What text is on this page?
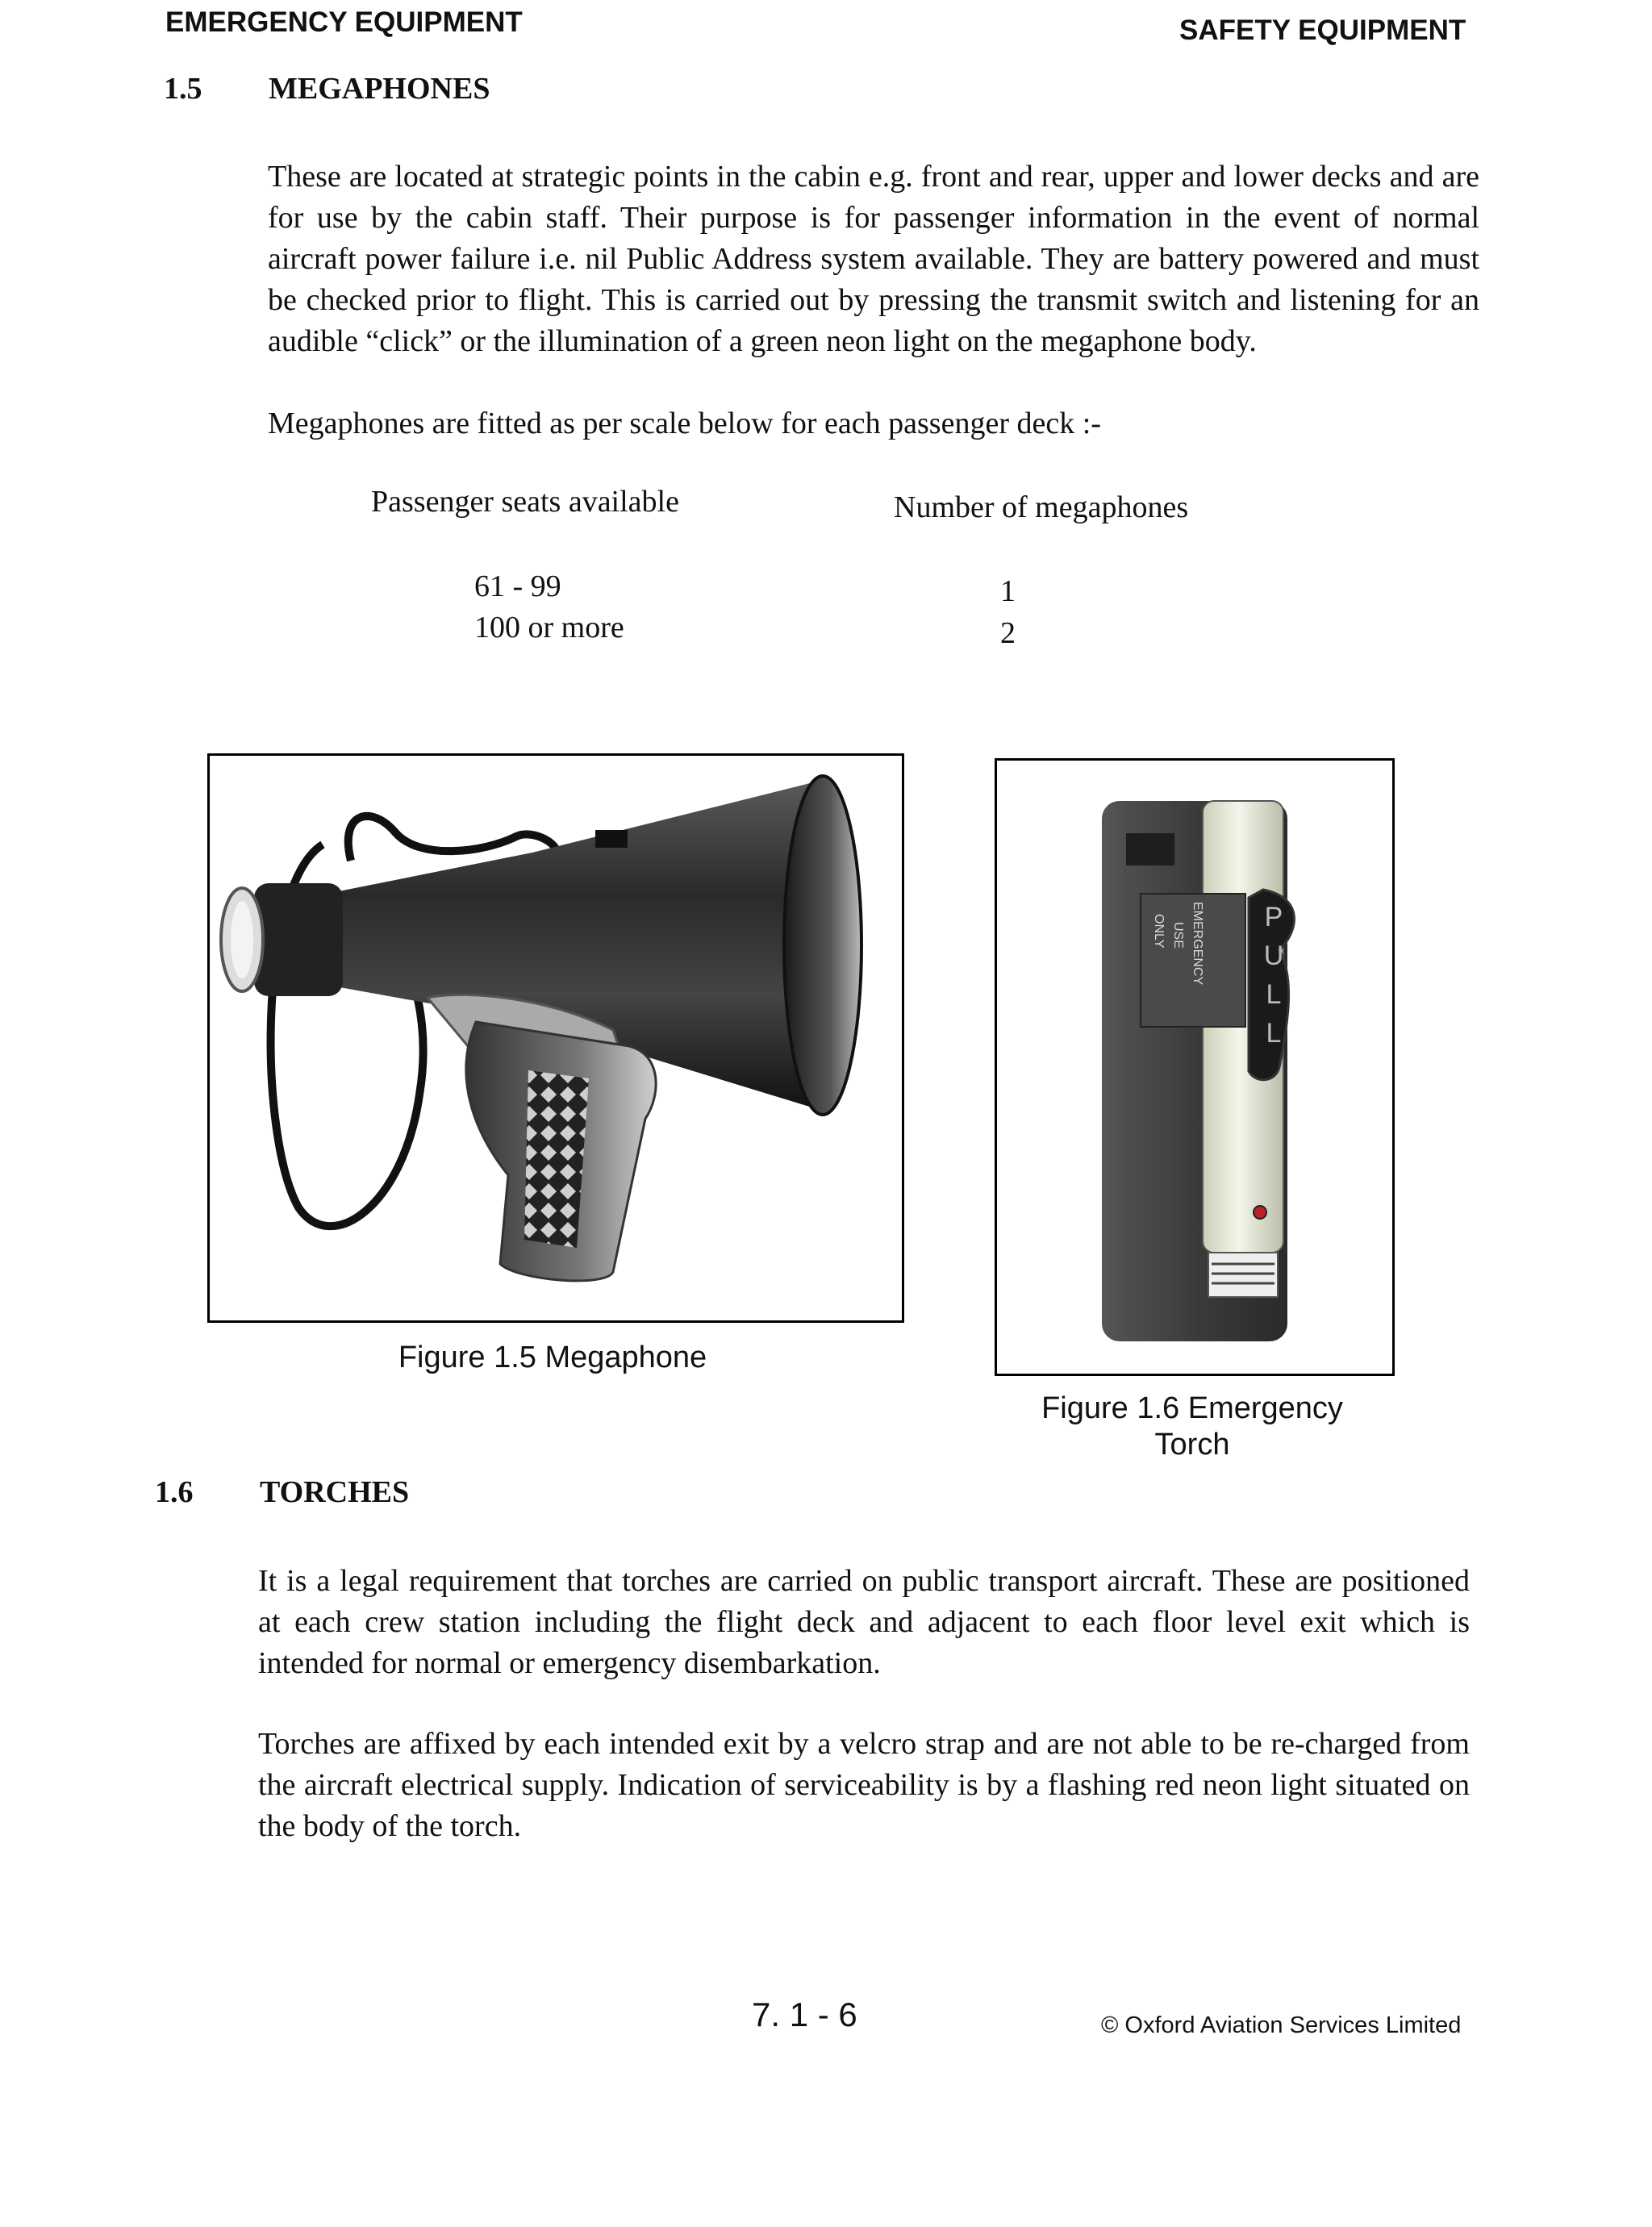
EMERGENCY EQUIPMENT	SAFETY EQUIPMENT
1.5 MEGAPHONES
These are located at strategic points in the cabin e.g. front and rear, upper and lower decks and are for use by the cabin staff. Their purpose is for passenger information in the event of normal aircraft power failure i.e. nil Public Address system available. They are battery powered and must be checked prior to flight. This is carried out by pressing the transmit switch and listening for an audible “click” or the illumination of a green neon light on the megaphone body.
Megaphones are fitted as per scale below for each passenger deck :-
Passenger seats available	Number of megaphones
61 - 99	1
100 or more	2
Figure 1.5 Megaphone
P
U
L
L
ONLY USE EMERGENCY
Figure 1.6 Emergency
Torch
1.6 TORCHES
It is a legal requirement that torches are carried on public transport aircraft. These are positioned at each crew station including the flight deck and adjacent to each floor level exit which is intended for normal or emergency disembarkation.
Torches are affixed by each intended exit by a velcro strap and are not able to be re-charged from the aircraft electrical supply. Indication of serviceability is by a flashing red neon light situated on the body of the torch.
7. 1 - 6	© Oxford Aviation Services Limited
